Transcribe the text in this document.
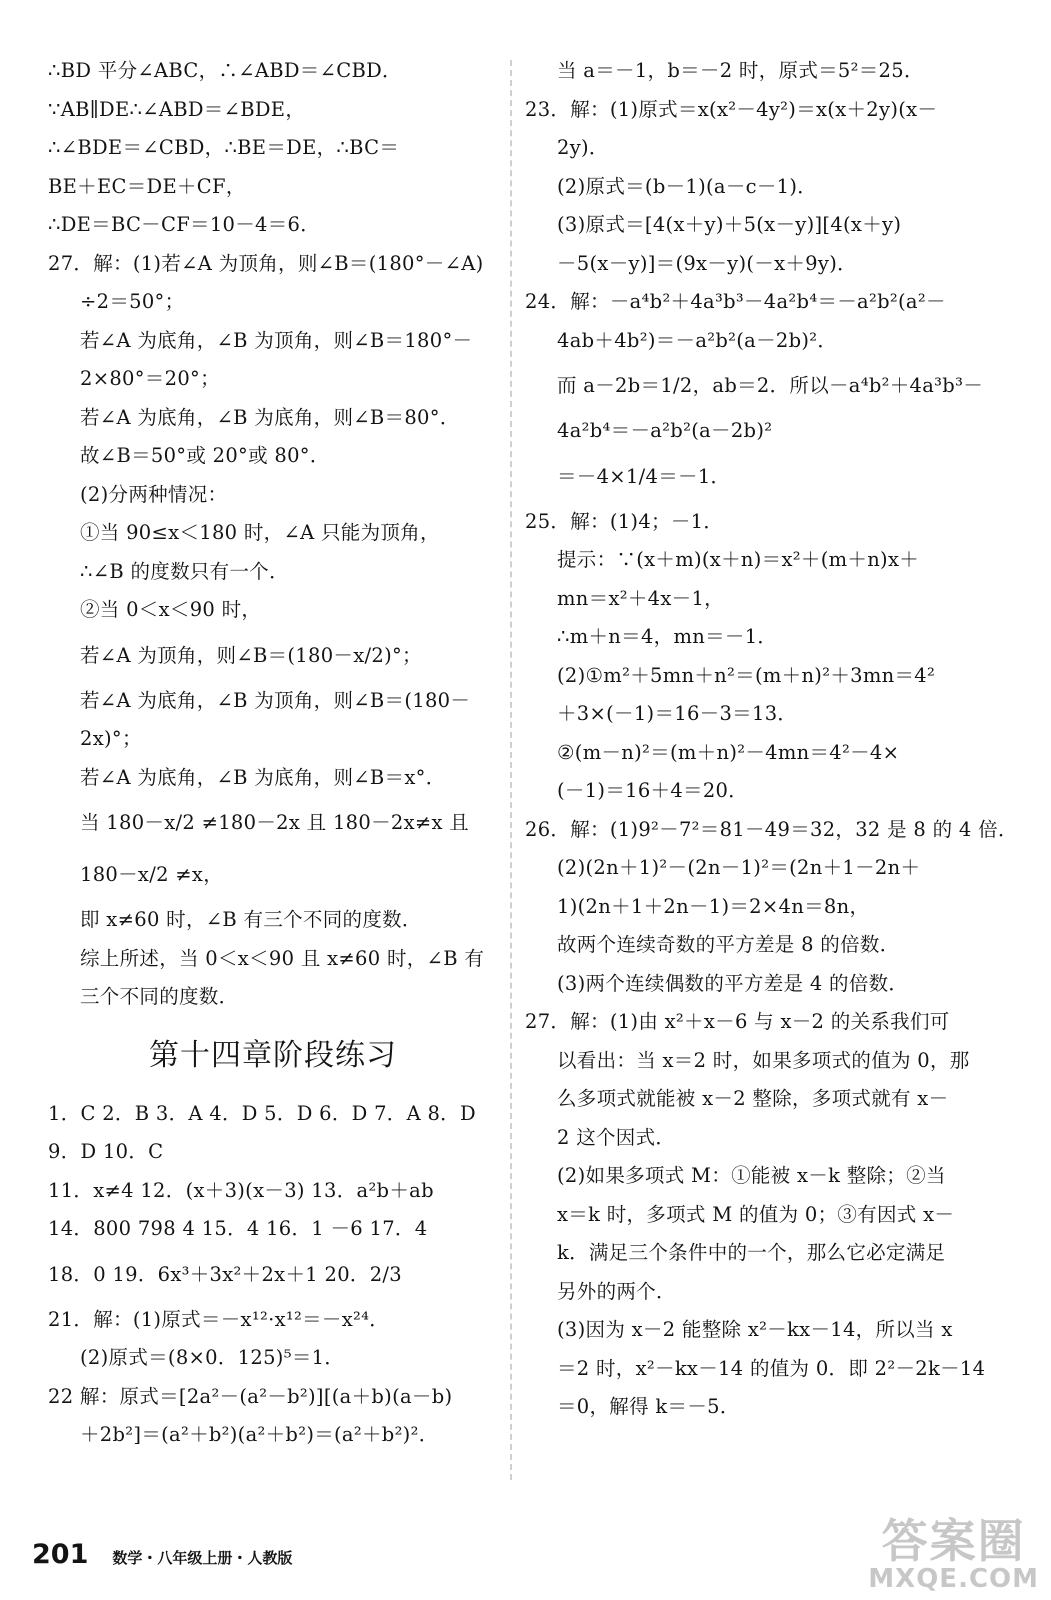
∴BD 平分∠ABC，∴∠ABD＝∠CBD．
∵AB∥DE∴∠ABD＝∠BDE，
∴∠BDE＝∠CBD，∴BE＝DE，∴BC＝
BE＋EC＝DE＋CF，
∴DE＝BC－CF＝10－4＝6．
27．解：(1)若∠A 为顶角，则∠B＝(180°－∠A)
÷2＝50°；
若∠A 为底角，∠B 为顶角，则∠B＝180°－
2×80°＝20°；
若∠A 为底角，∠B 为底角，则∠B＝80°．
故∠B＝50°或 20°或 80°．
(2)分两种情况：
①当 90≤x＜180 时，∠A 只能为顶角，
∴∠B 的度数只有一个．
②当 0＜x＜90 时，
若∠A 为顶角，则∠B＝(180－x/2)°；
若∠A 为底角，∠B 为顶角，则∠B＝(180－
2x)°；
若∠A 为底角，∠B 为底角，则∠B＝x°．
当 180－x/2 ≠180－2x 且 180－2x≠x 且
180－x/2 ≠x，
即 x≠60 时，∠B 有三个不同的度数．
综上所述，当 0＜x＜90 且 x≠60 时，∠B 有
三个不同的度数．
第十四章阶段练习
1．C 2．B 3．A 4．D 5．D 6．D 7．A 8．D
9．D 10．C
11．x≠4 12．(x＋3)(x－3) 13．a²b＋ab
14．800 798 4 15．4 16．1 －6 17．4
18．0 19．6x³＋3x²＋2x＋1 20．2/3
21．解：(1)原式＝－x¹²·x¹²＝－x²⁴．
(2)原式＝(8×0．125)⁵＝1．
22 解：原式＝[2a²－(a²－b²)][(a＋b)(a－b)
＋2b²]＝(a²＋b²)(a²＋b²)＝(a²＋b²)²．
当 a＝－1，b＝－2 时，原式＝5²＝25．
23．解：(1)原式＝x(x²－4y²)＝x(x＋2y)(x－
2y)．
(2)原式＝(b－1)(a－c－1)．
(3)原式＝[4(x＋y)＋5(x－y)][4(x＋y)
－5(x－y)]＝(9x－y)(－x＋9y)．
24．解：－a⁴b²＋4a³b³－4a²b⁴＝－a²b²(a²－
4ab＋4b²)＝－a²b²(a－2b)²．
而 a－2b＝1/2，ab＝2．所以－a⁴b²＋4a³b³－
4a²b⁴＝－a²b²(a－2b)²
＝－4×1/4＝－1．
25．解：(1)4；－1．
提示：∵(x＋m)(x＋n)＝x²＋(m＋n)x＋
mn＝x²＋4x－1，
∴m＋n＝4，mn＝－1．
(2)①m²＋5mn＋n²＝(m＋n)²＋3mn＝4²
＋3×(－1)＝16－3＝13．
②(m－n)²＝(m＋n)²－4mn＝4²－4×
(－1)＝16＋4＝20．
26．解：(1)9²－7²＝81－49＝32，32 是 8 的 4 倍．
(2)(2n＋1)²－(2n－1)²＝(2n＋1－2n＋
1)(2n＋1＋2n－1)＝2×4n＝8n，
故两个连续奇数的平方差是 8 的倍数．
(3)两个连续偶数的平方差是 4 的倍数．
27．解：(1)由 x²＋x－6 与 x－2 的关系我们可
以看出：当 x＝2 时，如果多项式的值为 0，那
么多项式就能被 x－2 整除，多项式就有 x－
2 这个因式．
(2)如果多项式 M：①能被 x－k 整除；②当
x＝k 时，多项式 M 的值为 0；③有因式 x－
k．满足三个条件中的一个，那么它必定满足
另外的两个．
(3)因为 x－2 能整除 x²－kx－14，所以当 x
＝2 时，x²－kx－14 的值为 0．即 2²－2k－14
＝0，解得 k＝－5．
201 数学・八年级上册・人教版	答案圈
MXQE.COM
